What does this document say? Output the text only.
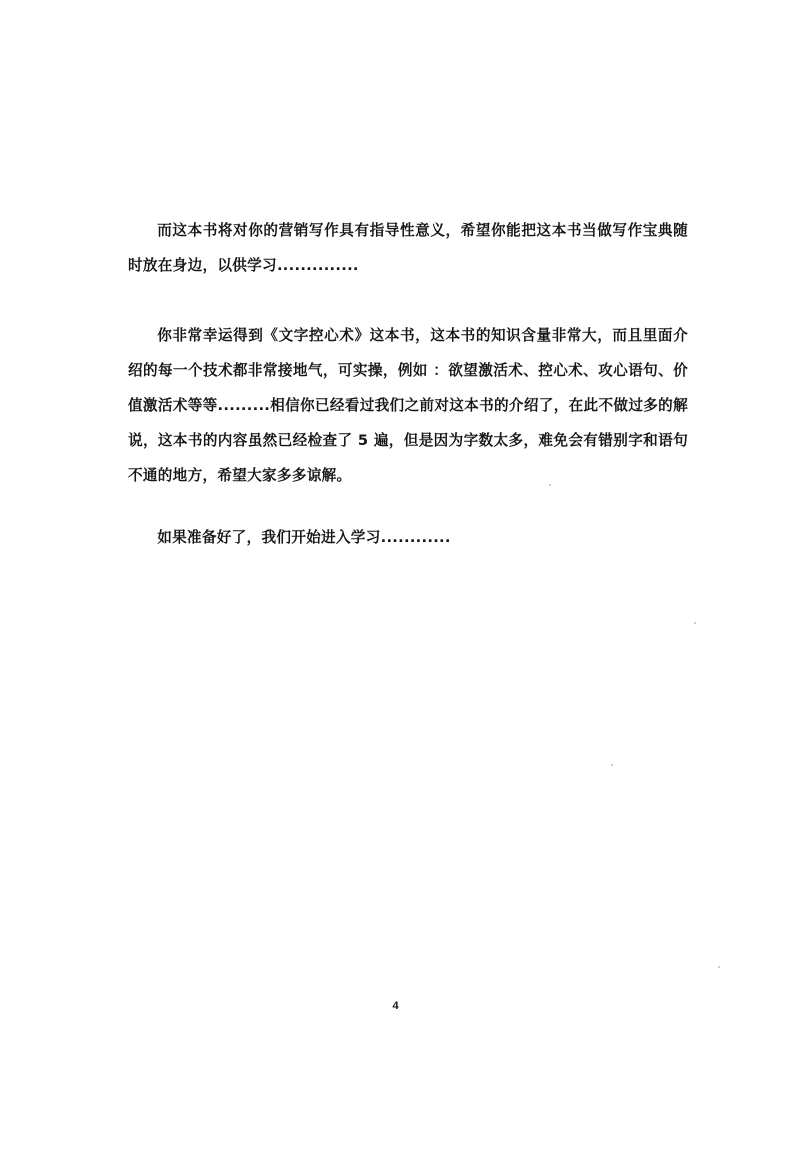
而这本书将对你的营销写作具有指导性意义，希望你能把这本书当做写作宝典随时放在身边，以供学习..............

你非常幸运得到《文字控心术》这本书，这本书的知识含量非常大，而且里面介绍的每一个技术都非常接地气，可实操，例如 ：欲望激活术、控心术、攻心语句、价值激活术等等.........相信你已经看过我们之前对这本书的介绍了，在此不做过多的解说，这本书的内容虽然已经检查了 5 遍，但是因为字数太多，难免会有错别字和语句不通的地方，希望大家多多谅解。

如果准备好了，我们开始进入学习............

4
